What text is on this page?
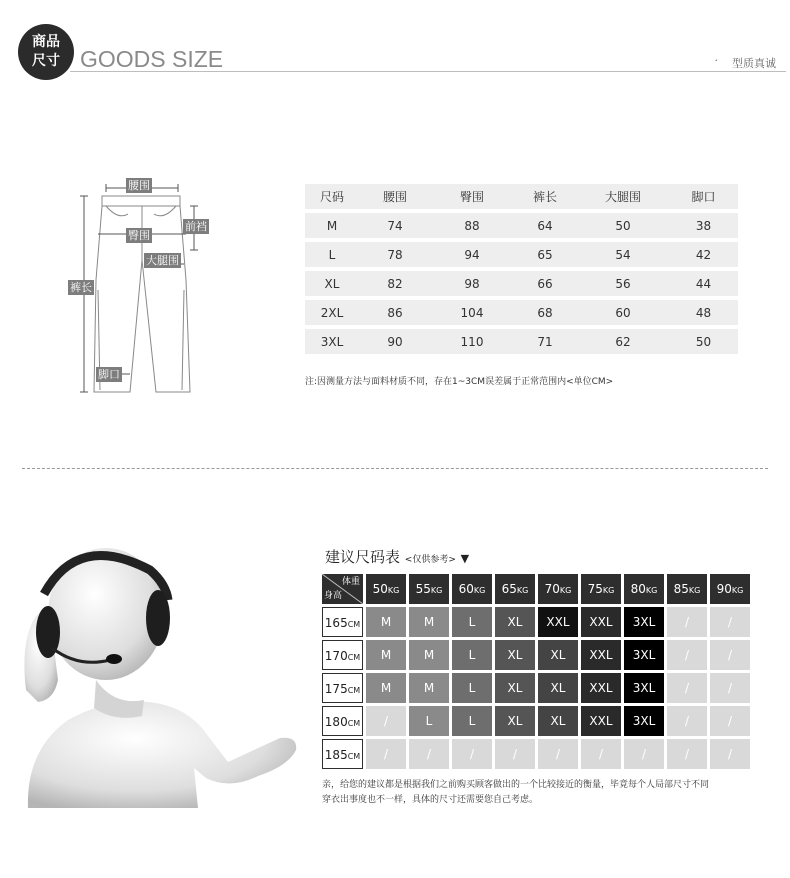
商品
尺寸 GOODS SIZE	· 型质真诚
腰围
前裆
臀围
大腿围
裤长
脚口
尺码	腰围	臀围	裤长	大腿围	脚口
M	74	88	64	50	38
L	78	94	65	54	42
XL	82	98	66	56	44
2XL	86	104	68	60	48
3XL	90	110	71	62	50
注:因测量方法与面料材质不同，存在1~3CM误差属于正常范围内<单位CM>
建议尺码表 <仅供参考> ▼
体重
身高	50KG	55KG	60KG	65KG	70KG	75KG	80KG	85KG	90KG
165CM	M	M	L	XL	XXL	XXL	3XL	/	/
170CM	M	M	L	XL	XL	XXL	3XL	/	/
175CM	M	M	L	XL	XL	XXL	3XL	/	/
180CM	/	L	L	XL	XL	XXL	3XL	/	/
185CM	/	/	/	/	/	/	/	/	/
亲，给您的建议都是根据我们之前购买顾客做出的一个比较接近的衡量，毕竟每个人局部尺寸不同
穿衣出事度也不一样，具体的尺寸还需要您自己考虑。
